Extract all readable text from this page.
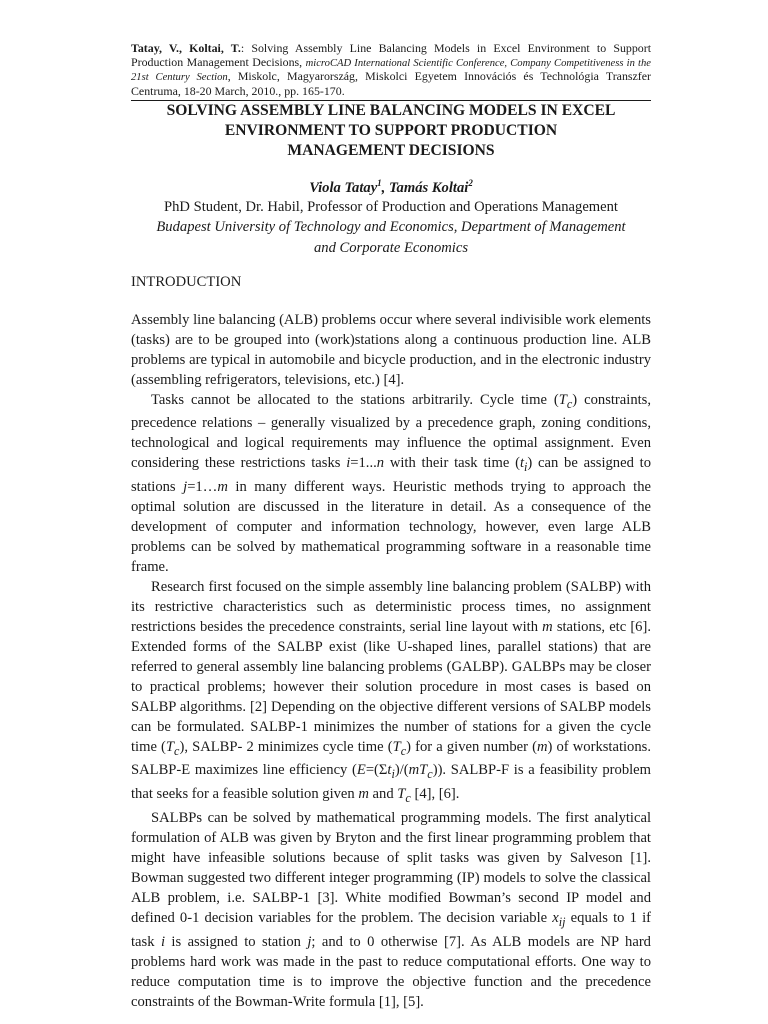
Tatay, V., Koltai, T.: Solving Assembly Line Balancing Models in Excel Environment to Support Production Management Decisions, microCAD International Scientific Conference, Company Competitiveness in the 21st Century Section, Miskolc, Magyarország, Miskolci Egyetem Innovációs és Technológia Transzfer Centruma, 18-20 March, 2010., pp. 165-170.
SOLVING ASSEMBLY LINE BALANCING MODELS IN EXCEL
ENVIRONMENT TO SUPPORT PRODUCTION
MANAGEMENT DECISIONS
Viola Tatay$^1$, Tamás Koltai$^2$
PhD Student, Dr. Habil, Professor of Production and Operations Management
Budapest University of Technology and Economics, Department of Management
and Corporate Economics
INTRODUCTION

Assembly line balancing (ALB) problems occur where several indivisible work elements (tasks) are to be grouped into (work)stations along a continuous production line. ALB problems are typical in automobile and bicycle production, and in the electronic industry (assembling refrigerators, televisions, etc.) [4].

Tasks cannot be allocated to the stations arbitrarily. Cycle time $(T_c)$ constraints, precedence relations – generally visualized by a precedence graph, zoning conditions, technological and logical requirements may influence the optimal assignment. Even considering these restrictions tasks i=1...n with their task time $(t_i)$ can be assigned to stations j=1…m in many different ways. Heuristic methods trying to approach the optimal solution are discussed in the literature in detail. As a consequence of the development of computer and information technology, however, even large ALB problems can be solved by mathematical programming software in a reasonable time frame.

Research first focused on the simple assembly line balancing problem (SALBP) with its restrictive characteristics such as deterministic process times, no assignment restrictions besides the precedence constraints, serial line layout with m stations, etc [6]. Extended forms of the SALBP exist (like U-shaped lines, parallel stations) that are referred to general assembly line balancing problems (GALBP). GALBPs may be closer to practical problems; however their solution procedure in most cases is based on SALBP algorithms. [2] Depending on the objective different versions of SALBP models can be formulated. SALBP-1 minimizes the number of stations for a given the cycle time $(T_c)$, SALBP- 2 minimizes cycle time $(T_c)$ for a given number (m) of workstations. SALBP-E maximizes line efficiency $(E=(\Sigma t_i)/(mT_c))$. SALBP-F is a feasibility problem that seeks for a feasible solution given m and $T_c$ [4], [6].

SALBPs can be solved by mathematical programming models. The first analytical formulation of ALB was given by Bryton and the first linear programming problem that might have infeasible solutions because of split tasks was given by Salveson [1]. Bowman suggested two different integer programming (IP) models to solve the classical ALB problem, i.e. SALBP-1 [3]. White modified Bowman’s second IP model and defined 0-1 decision variables for the problem. The decision variable $x_{ij}$ equals to 1 if task i is assigned to station j; and to 0 otherwise [7]. As ALB models are NP hard problems hard work was made in the past to reduce computational efforts. One way to reduce computation time is to improve the objective function and the precedence constraints of the Bowman-Write formula [1], [5].
